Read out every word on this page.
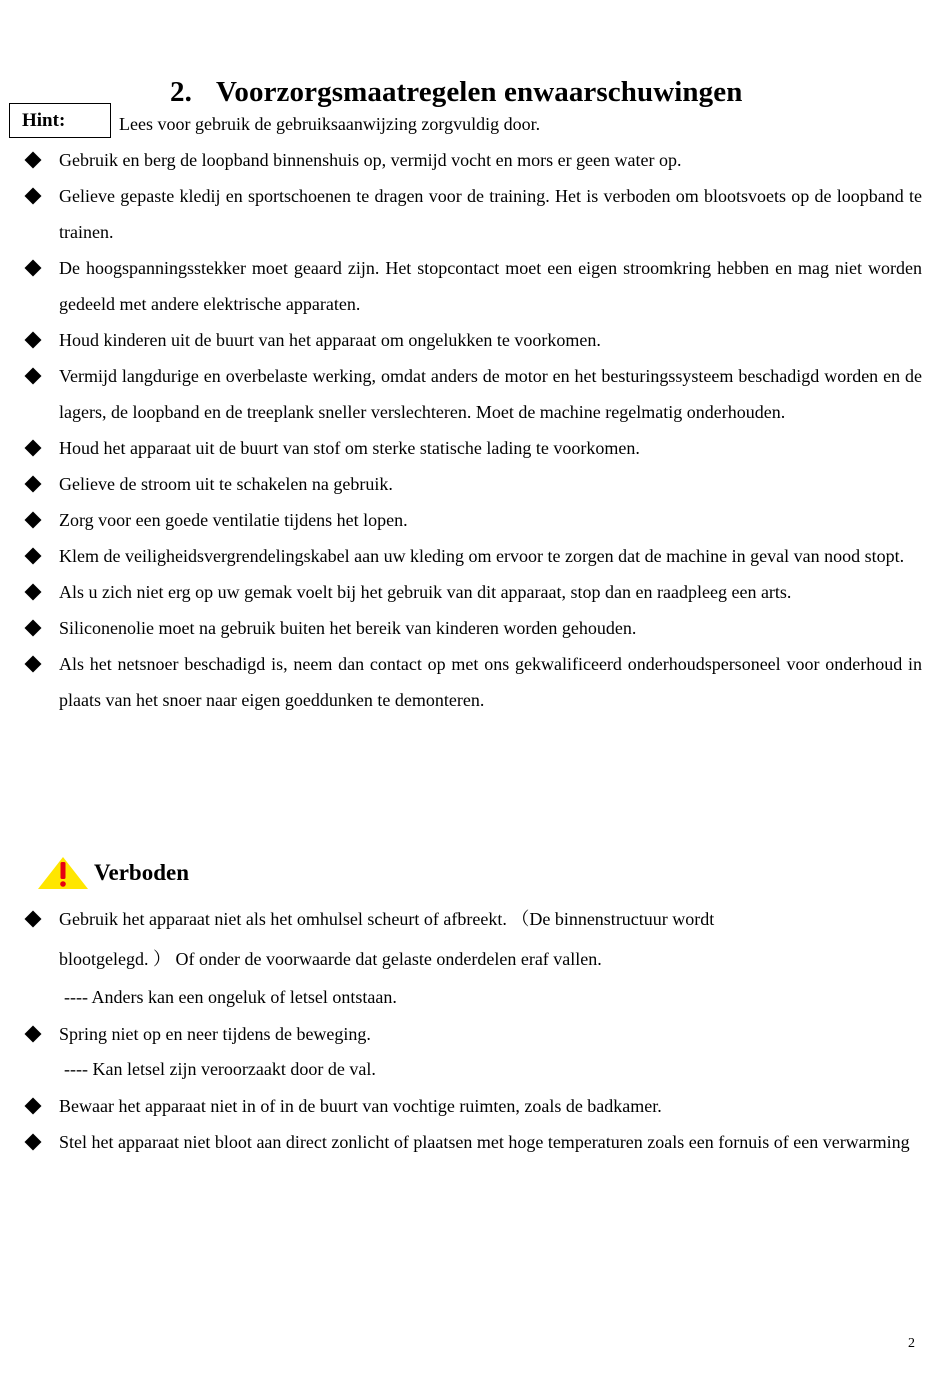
2. Voorzorgsmaatregelen enwaarschuwingen
Hint:	Lees voor gebruik de gebruiksaanwijzing zorgvuldig door.
Gebruik en berg de loopband binnenshuis op, vermijd vocht en mors er geen water op.
Gelieve gepaste kledij en sportschoenen te dragen voor de training. Het is verboden om blootsvoets op de loopband te trainen.
De hoogspanningsstekker moet geaard zijn. Het stopcontact moet een eigen stroomkring hebben en mag niet worden gedeeld met andere elektrische apparaten.
Houd kinderen uit de buurt van het apparaat om ongelukken te voorkomen.
Vermijd langdurige en overbelaste werking, omdat anders de motor en het besturingssysteem beschadigd worden en de lagers, de loopband en de treeplank sneller verslechteren. Moet de machine regelmatig onderhouden.
Houd het apparaat uit de buurt van stof om sterke statische lading te voorkomen.
Gelieve de stroom uit te schakelen na gebruik.
Zorg voor een goede ventilatie tijdens het lopen.
Klem de veiligheidsvergrendelingskabel aan uw kleding om ervoor te zorgen dat de machine in geval van nood stopt.
Als u zich niet erg op uw gemak voelt bij het gebruik van dit apparaat, stop dan en raadpleeg een arts.
Siliconenolie moet na gebruik buiten het bereik van kinderen worden gehouden.
Als het netsnoer beschadigd is, neem dan contact op met ons gekwalificeerd onderhoudspersoneel voor onderhoud in plaats van het snoer naar eigen goeddunken te demonteren.
Verboden
Gebruik het apparaat niet als het omhulsel scheurt of afbreekt. （De binnenstructuur wordt
blootgelegd. ） Of onder de voorwaarde dat gelaste onderdelen eraf vallen.
---- Anders kan een ongeluk of letsel ontstaan.
Spring niet op en neer tijdens de beweging.
---- Kan letsel zijn veroorzaakt door de val.
Bewaar het apparaat niet in of in de buurt van vochtige ruimten, zoals de badkamer.
Stel het apparaat niet bloot aan direct zonlicht of plaatsen met hoge temperaturen zoals een fornuis of een verwarming
2
